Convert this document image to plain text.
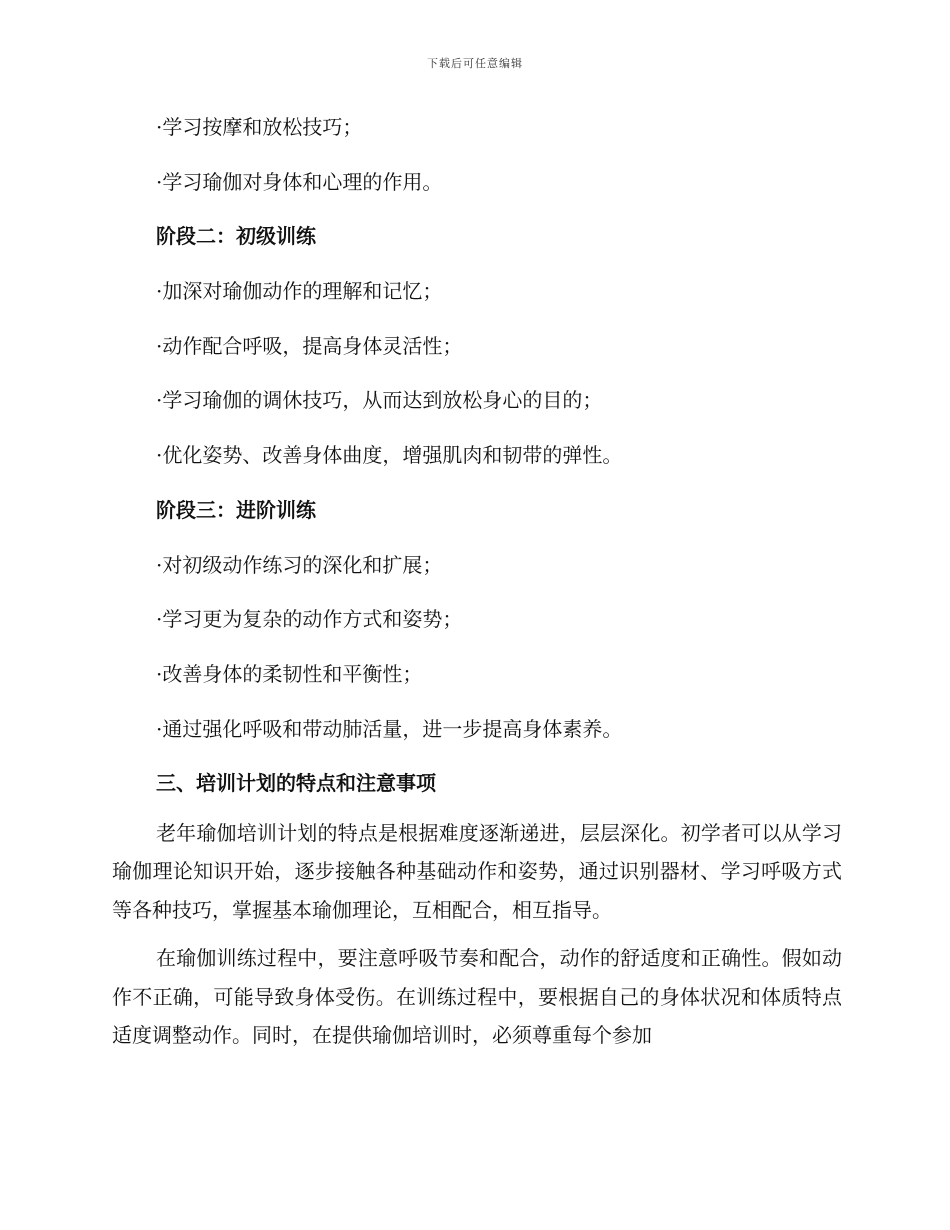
下载后可任意编辑

·学习按摩和放松技巧；

·学习瑜伽对身体和心理的作用。

阶段二：初级训练

·加深对瑜伽动作的理解和记忆；

·动作配合呼吸，提高身体灵活性；

·学习瑜伽的调休技巧，从而达到放松身心的目的；

·优化姿势、改善身体曲度，增强肌肉和韧带的弹性。

阶段三：进阶训练

·对初级动作练习的深化和扩展；

·学习更为复杂的动作方式和姿势；

·改善身体的柔韧性和平衡性；

·通过强化呼吸和带动肺活量，进一步提高身体素养。

三、培训计划的特点和注意事项

老年瑜伽培训计划的特点是根据难度逐渐递进，层层深化。初学者可以从学习瑜伽理论知识开始，逐步接触各种基础动作和姿势，通过识别器材、学习呼吸方式等各种技巧，掌握基本瑜伽理论，互相配合，相互指导。

在瑜伽训练过程中，要注意呼吸节奏和配合，动作的舒适度和正确性。假如动作不正确，可能导致身体受伤。在训练过程中，要根据自己的身体状况和体质特点适度调整动作。同时，在提供瑜伽培训时，必须尊重每个参加
